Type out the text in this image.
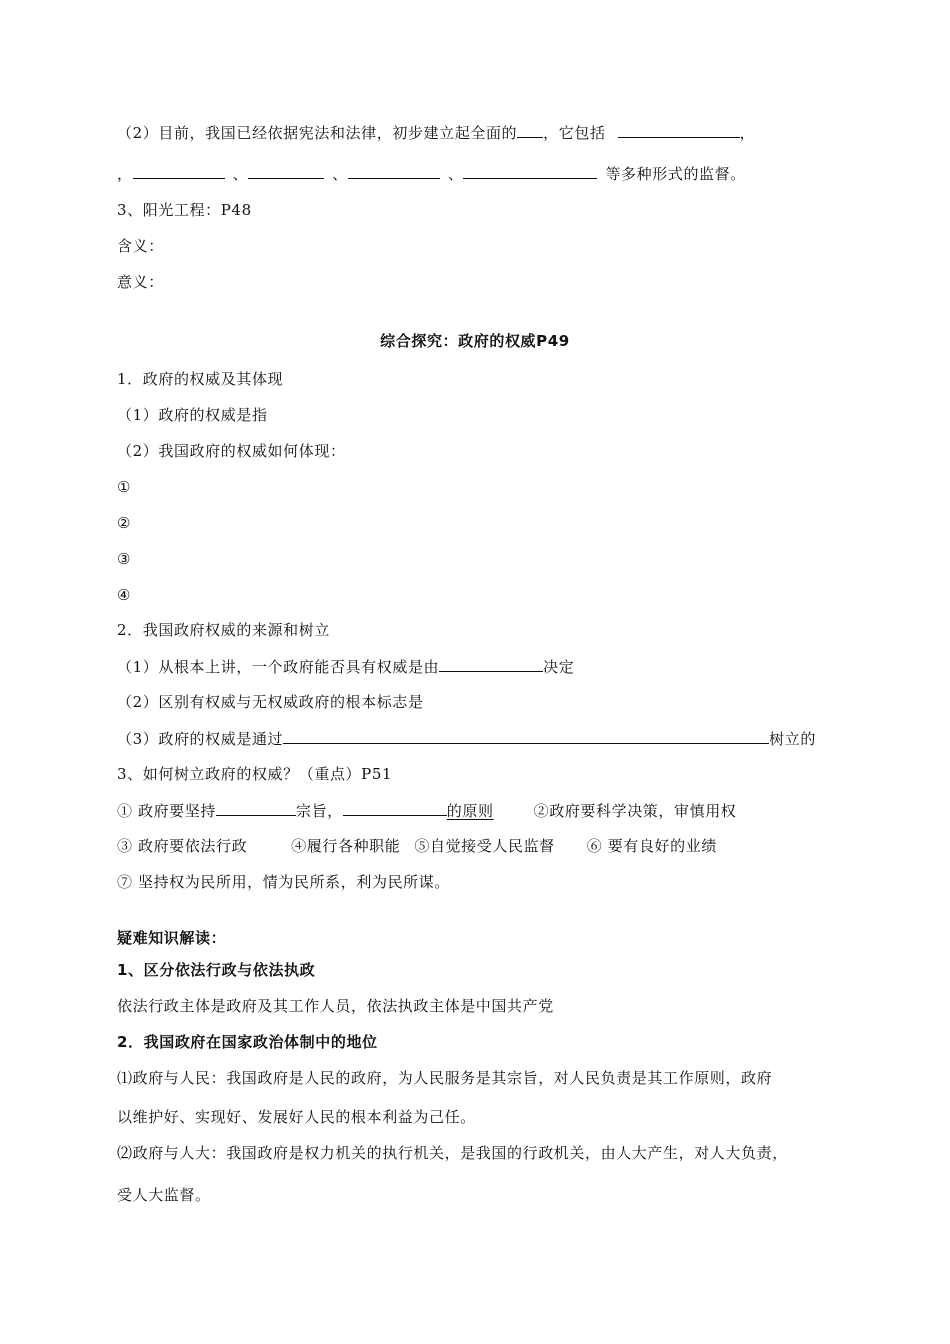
（2）目前，我国已经依据宪法和法律，初步建立起全面的 ，它包括	，
，	、	、	、	等多种形式的监督。
3、阳光工程：P48
含义：
意义：
综合探究：政府的权威P49
1．政府的权威及其体现
（1）政府的权威是指
（2）我国政府的权威如何体现：
①
②
③
④
2．我国政府权威的来源和树立
（1）从根本上讲，一个政府能否具有权威是由	决定
（2）区别有权威与无权威政府的根本标志是
（3）政府的权威是通过	树立的
3、如何树立政府的权威？（重点）P51
① 政府要坚持	宗旨，	的原则	②政府要科学决策，审慎用权
③ 政府要依法行政	④履行各种职能 ⑤自觉接受人民监督 ⑥ 要有良好的业绩
⑦ 坚持权为民所用，情为民所系，利为民所谋。
疑难知识解读：
1、区分依法行政与依法执政
依法行政主体是政府及其工作人员，依法执政主体是中国共产党
2．我国政府在国家政治体制中的地位
⑴政府与人民：我国政府是人民的政府，为人民服务是其宗旨，对人民负责是其工作原则，政府
以维护好、实现好、发展好人民的根本利益为己任。
⑵政府与人大：我国政府是权力机关的执行机关，是我国的行政机关，由人大产生，对人大负责，
受人大监督。
